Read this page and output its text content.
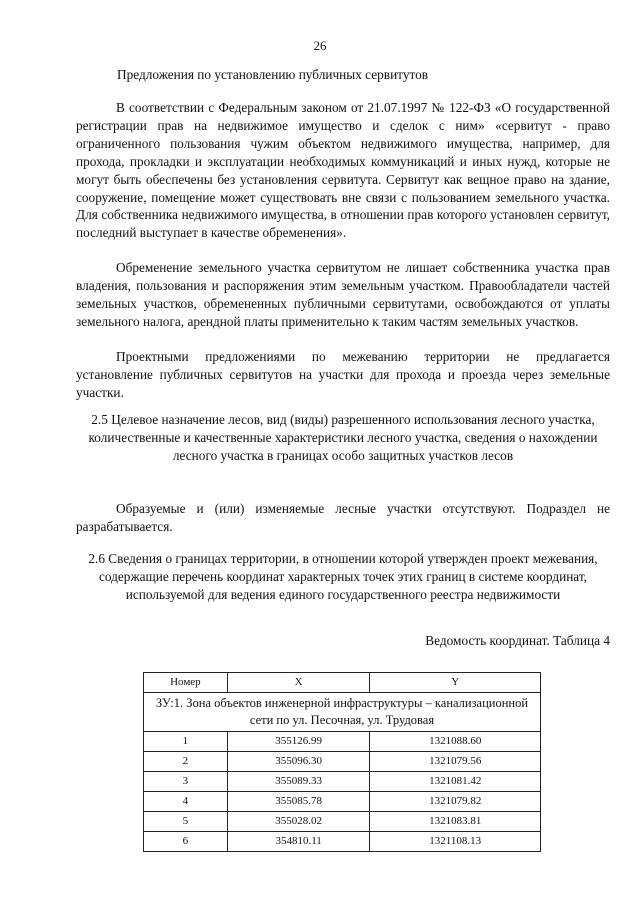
26
Предложения по установлению публичных сервитутов

В соответствии с Федеральным законом от 21.07.1997 № 122-ФЗ «О государственной регистрации прав на недвижимое имущество и сделок с ним» «сервитут - право ограниченного пользования чужим объектом недвижимого имущества, например, для прохода, прокладки и эксплуатации необходимых коммуникаций и иных нужд, которые не могут быть обеспечены без установления сервитута. Сервитут как вещное право на здание, сооружение, помещение может существовать вне связи с пользованием земельного участка. Для собственника недвижимого имущества, в отношении прав которого установлен сервитут, последний выступает в качестве обременения».

Обременение земельного участка сервитутом не лишает собственника участка прав владения, пользования и распоряжения этим земельным участком. Правообладатели частей земельных участков, обремененных публичными сервитутами, освобождаются от уплаты земельного налога, арендной платы применительно к таким частям земельных участков.

Проектными предложениями по межеванию территории не предлагается установление публичных сервитутов на участки для прохода и проезда через земельные участки.

2.5 Целевое назначение лесов, вид (виды) разрешенного использования лесного участка, количественные и качественные характеристики лесного участка, сведения о нахождении лесного участка в границах особо защитных участков лесов

Образуемые и (или) изменяемые лесные участки отсутствуют. Подраздел не разрабатывается.

2.6 Сведения о границах территории, в отношении которой утвержден проект межевания, содержащие перечень координат характерных точек этих границ в системе координат, используемой для ведения единого государственного реестра недвижимости
Ведомость координат. Таблица 4
Номер	X	Y
ЗУ:1. Зона объектов инженерной инфраструктуры – канализационной сети по ул. Песочная, ул. Трудовая		
1	355126.99	1321088.60
2	355096.30	1321079.56
3	355089.33	1321081.42
4	355085.78	1321079.82
5	355028.02	1321083.81
6	354810.11	1321108.13
